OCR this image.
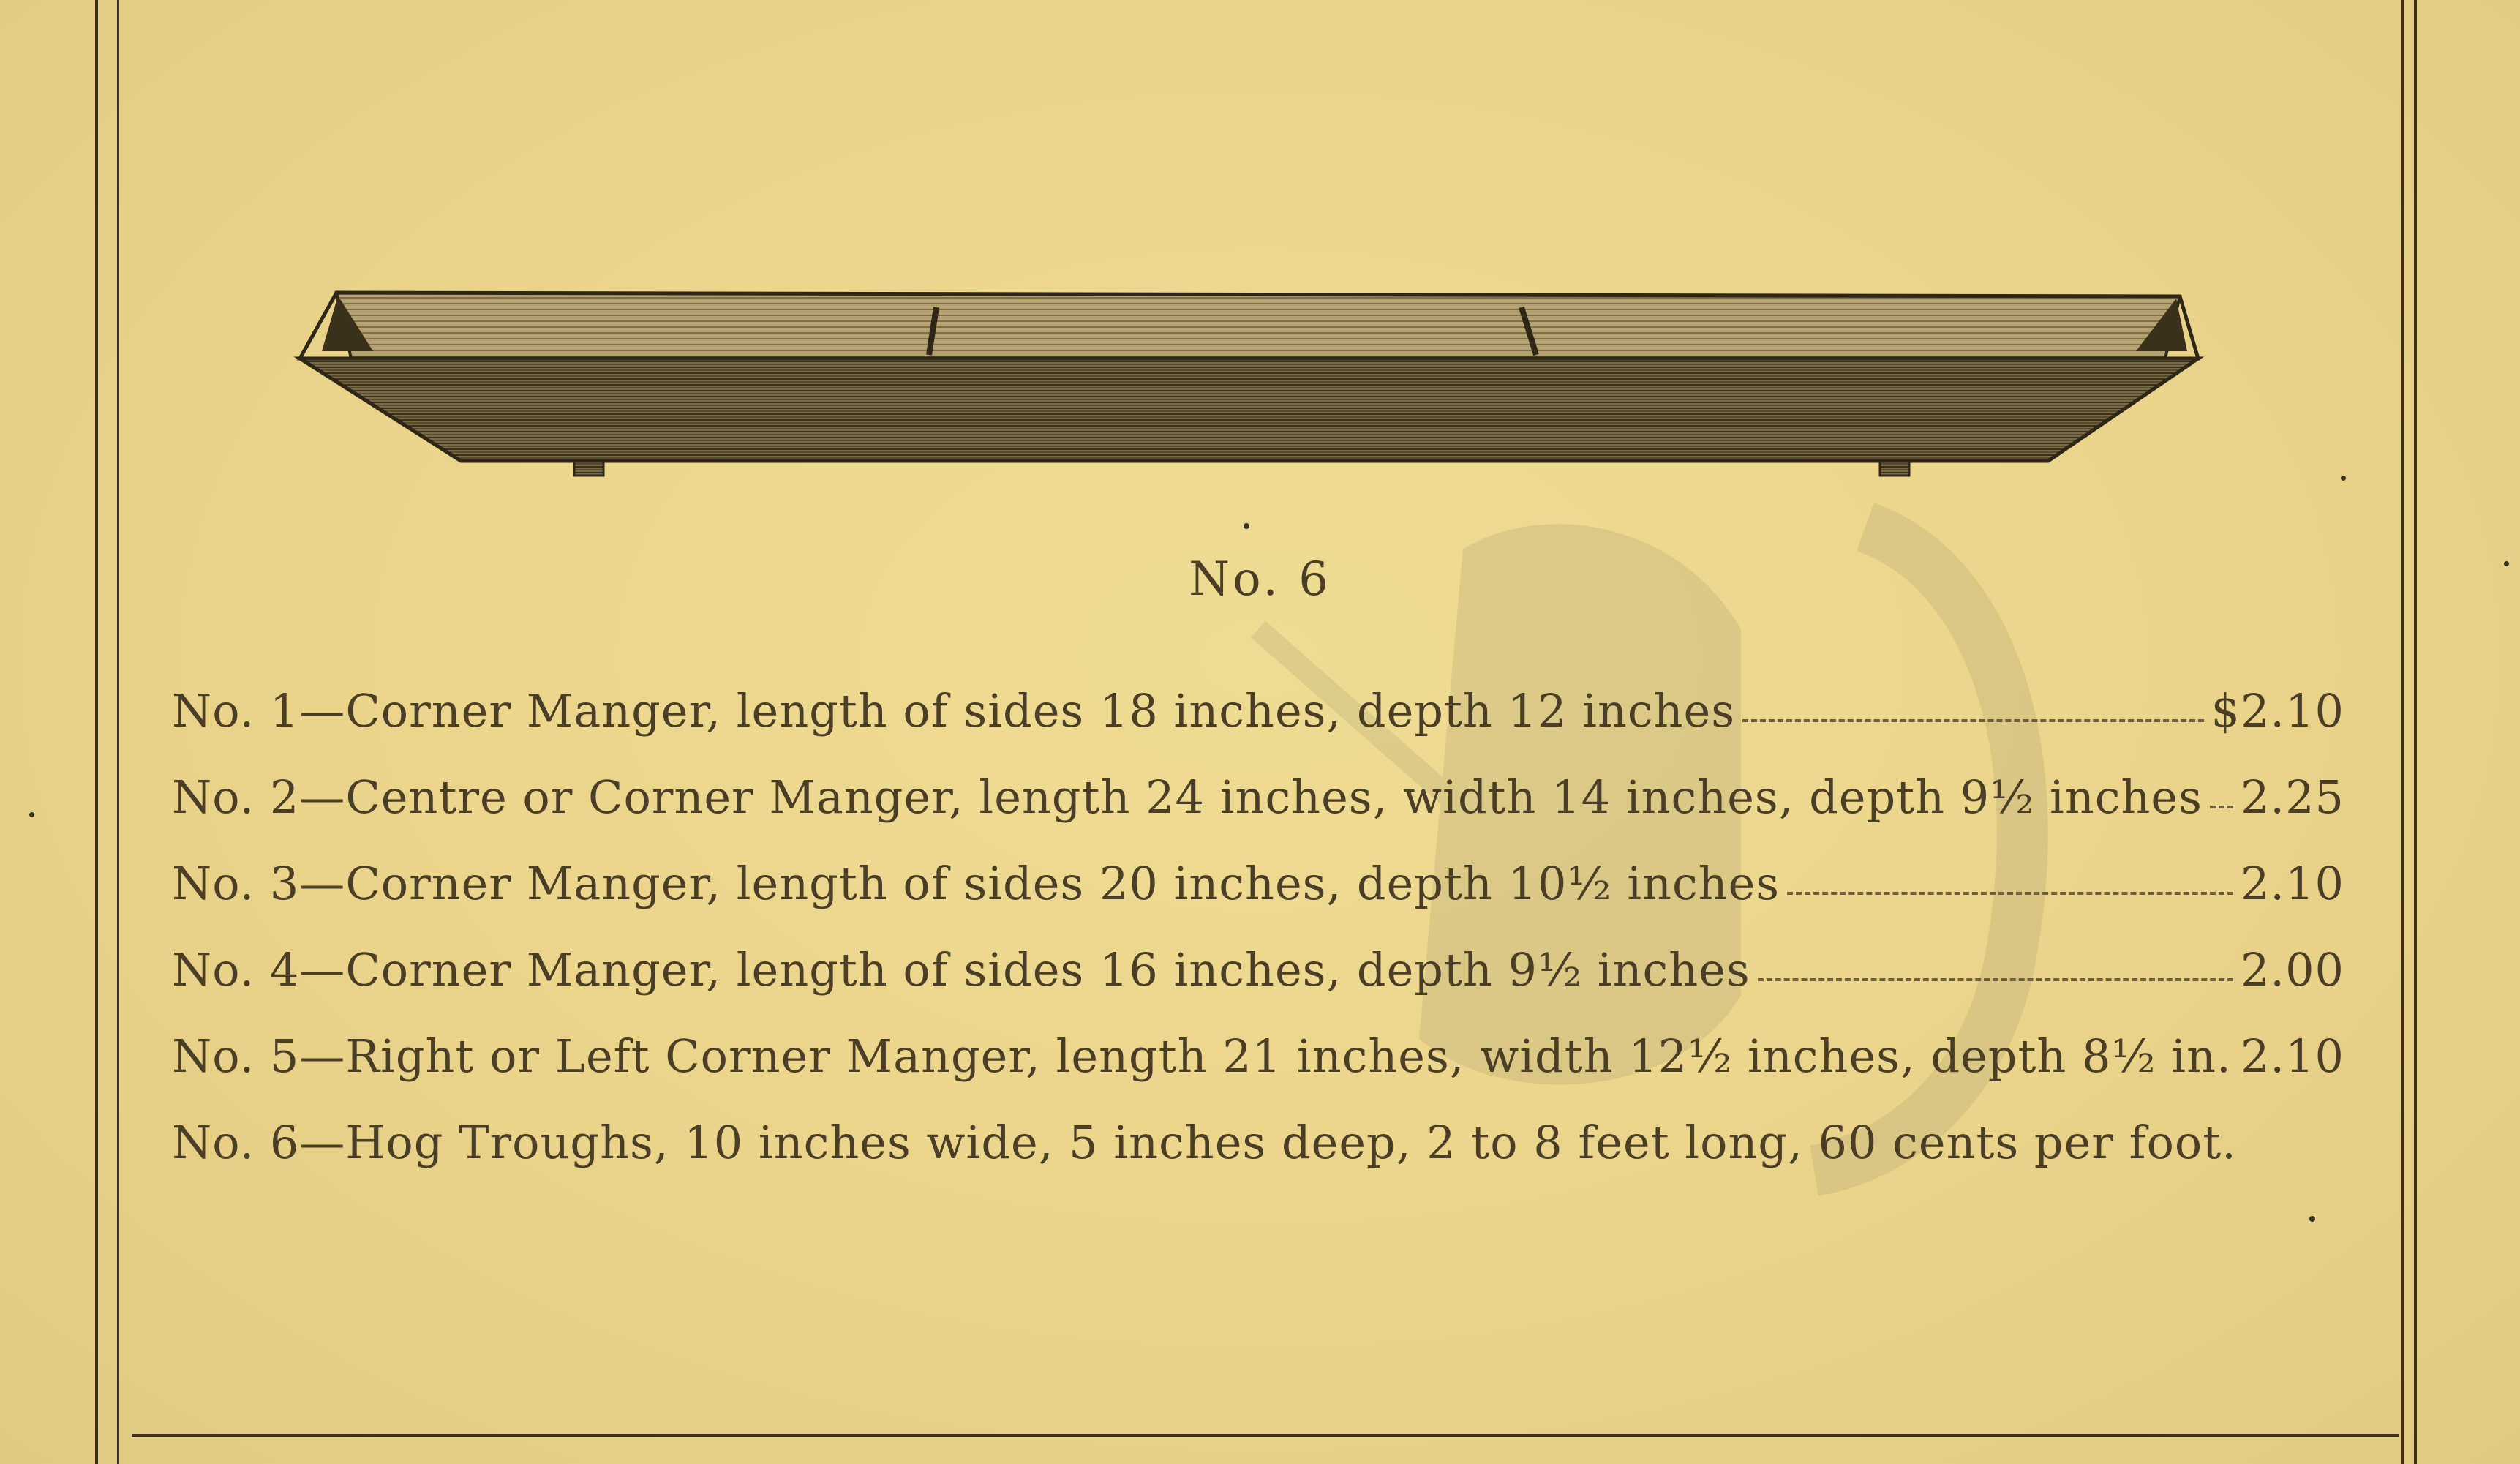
No. 6
No. 1—Corner Manger, length of sides 18 inches, depth 12 inches	$2.10
No. 2—Centre or Corner Manger, length 24 inches, width 14 inches, depth 9½ inches 2.25
No. 3—Corner Manger, length of sides 20 inches, depth 10½ inches	2.10
No. 4—Corner Manger, length of sides 16 inches, depth 9½ inches	2.00
No. 5—Right or Left Corner Manger, length 21 inches, width 12½ inches, depth 8½ in. 2.10
No. 6—Hog Troughs, 10 inches wide, 5 inches deep, 2 to 8 feet long, 60 cents per foot.
